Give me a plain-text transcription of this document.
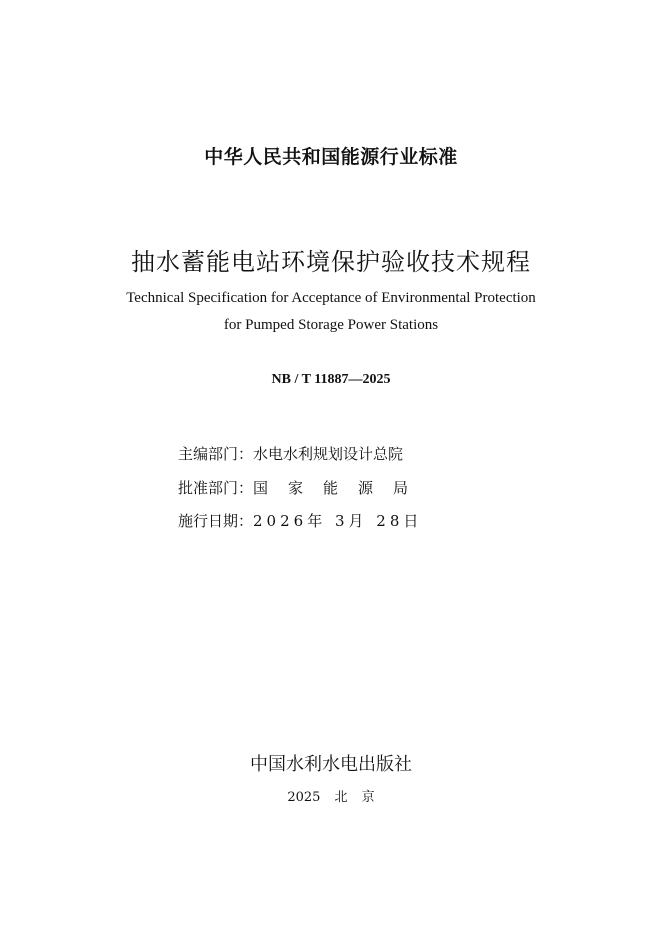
中华人民共和国能源行业标准
抽水蓄能电站环境保护验收技术规程
Technical Specification for Acceptance of Environmental Protection
for Pumped Storage Power Stations
NB / T 11887—2025
主编部门：水电水利规划设计总院
批准部门：国家能源局
施行日期：2026年 3月 28日
中国水利水电出版社
2025 北 京
